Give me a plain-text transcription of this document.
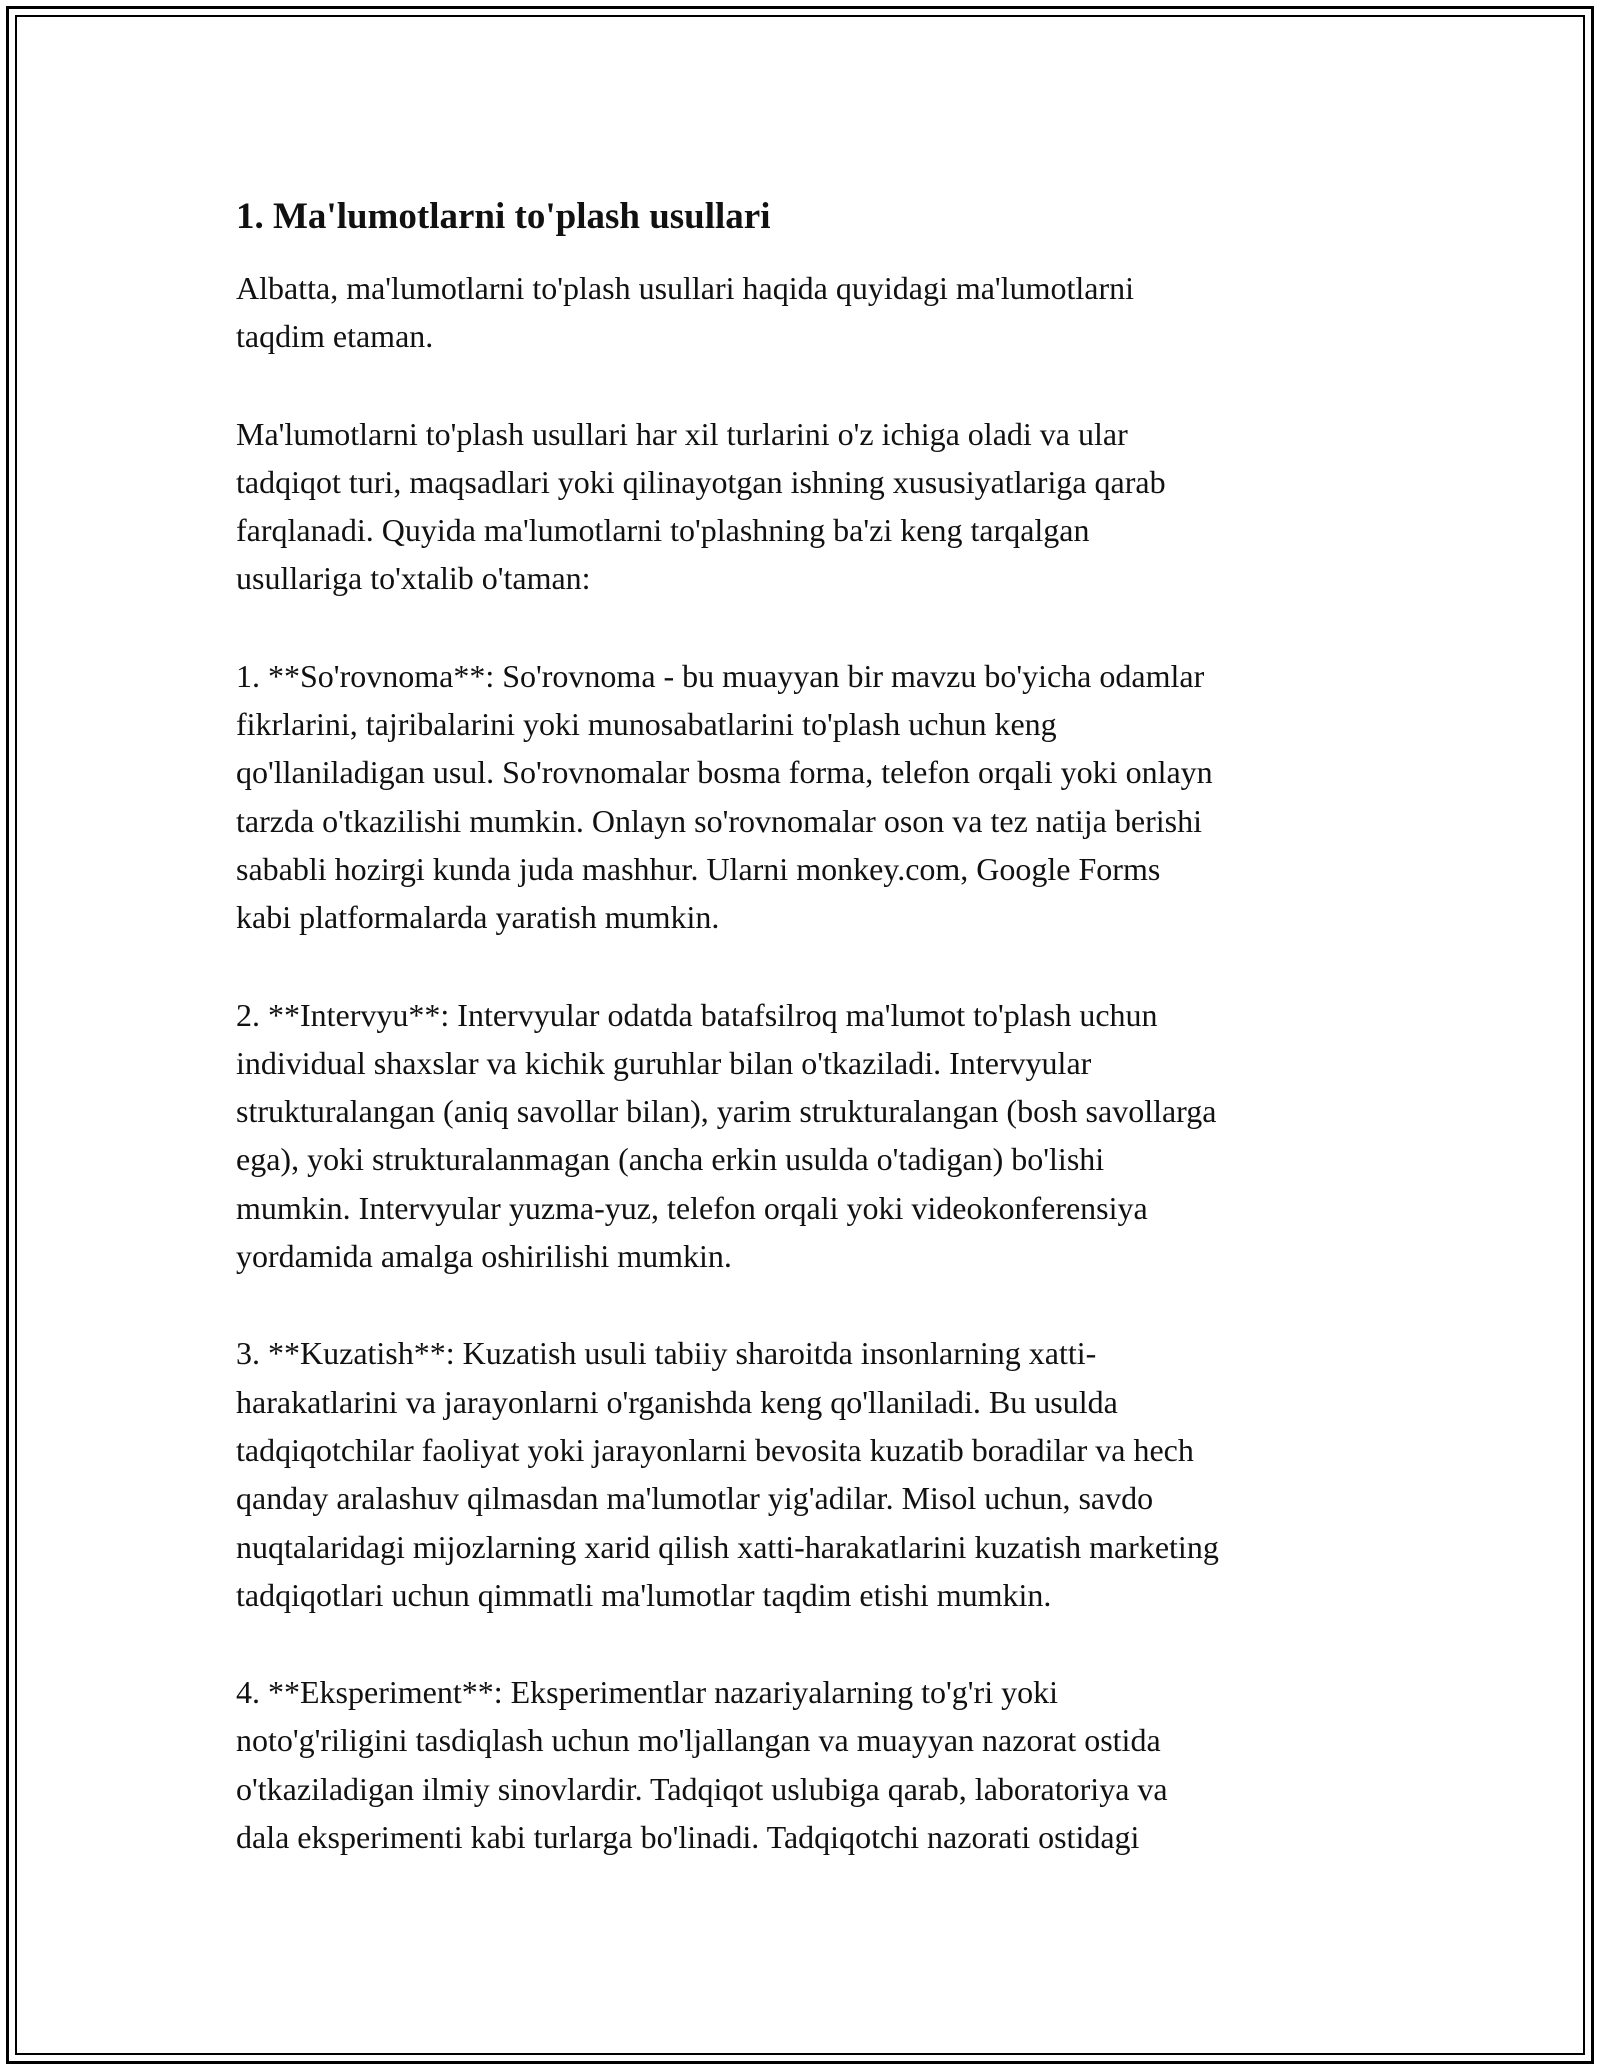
1. Ma'lumotlarni to'plash usullari

Albatta, ma'lumotlarni to'plash usullari haqida quyidagi ma'lumotlarni
taqdim etaman.

Ma'lumotlarni to'plash usullari har xil turlarini o'z ichiga oladi va ular
tadqiqot turi, maqsadlari yoki qilinayotgan ishning xususiyatlariga qarab
farqlanadi. Quyida ma'lumotlarni to'plashning ba'zi keng tarqalgan
usullariga to'xtalib o'taman:

1. **So'rovnoma**: So'rovnoma - bu muayyan bir mavzu bo'yicha odamlar
fikrlarini, tajribalarini yoki munosabatlarini to'plash uchun keng
qo'llaniladigan usul. So'rovnomalar bosma forma, telefon orqali yoki onlayn
tarzda o'tkazilishi mumkin. Onlayn so'rovnomalar oson va tez natija berishi
sababli hozirgi kunda juda mashhur. Ularni monkey.com, Google Forms
kabi platformalarda yaratish mumkin.

2. **Intervyu**: Intervyular odatda batafsilroq ma'lumot to'plash uchun
individual shaxslar va kichik guruhlar bilan o'tkaziladi. Intervyular
strukturalangan (aniq savollar bilan), yarim strukturalangan (bosh savollarga
ega), yoki strukturalanmagan (ancha erkin usulda o'tadigan) bo'lishi
mumkin. Intervyular yuzma-yuz, telefon orqali yoki videokonferensiya
yordamida amalga oshirilishi mumkin.

3. **Kuzatish**: Kuzatish usuli tabiiy sharoitda insonlarning xatti-
harakatlarini va jarayonlarni o'rganishda keng qo'llaniladi. Bu usulda
tadqiqotchilar faoliyat yoki jarayonlarni bevosita kuzatib boradilar va hech
qanday aralashuv qilmasdan ma'lumotlar yig'adilar. Misol uchun, savdo
nuqtalaridagi mijozlarning xarid qilish xatti-harakatlarini kuzatish marketing
tadqiqotlari uchun qimmatli ma'lumotlar taqdim etishi mumkin.

4. **Eksperiment**: Eksperimentlar nazariyalarning to'g'ri yoki
noto'g'riligini tasdiqlash uchun mo'ljallangan va muayyan nazorat ostida
o'tkaziladigan ilmiy sinovlardir. Tadqiqot uslubiga qarab, laboratoriya va
dala eksperimenti kabi turlarga bo'linadi. Tadqiqotchi nazorati ostidagi
